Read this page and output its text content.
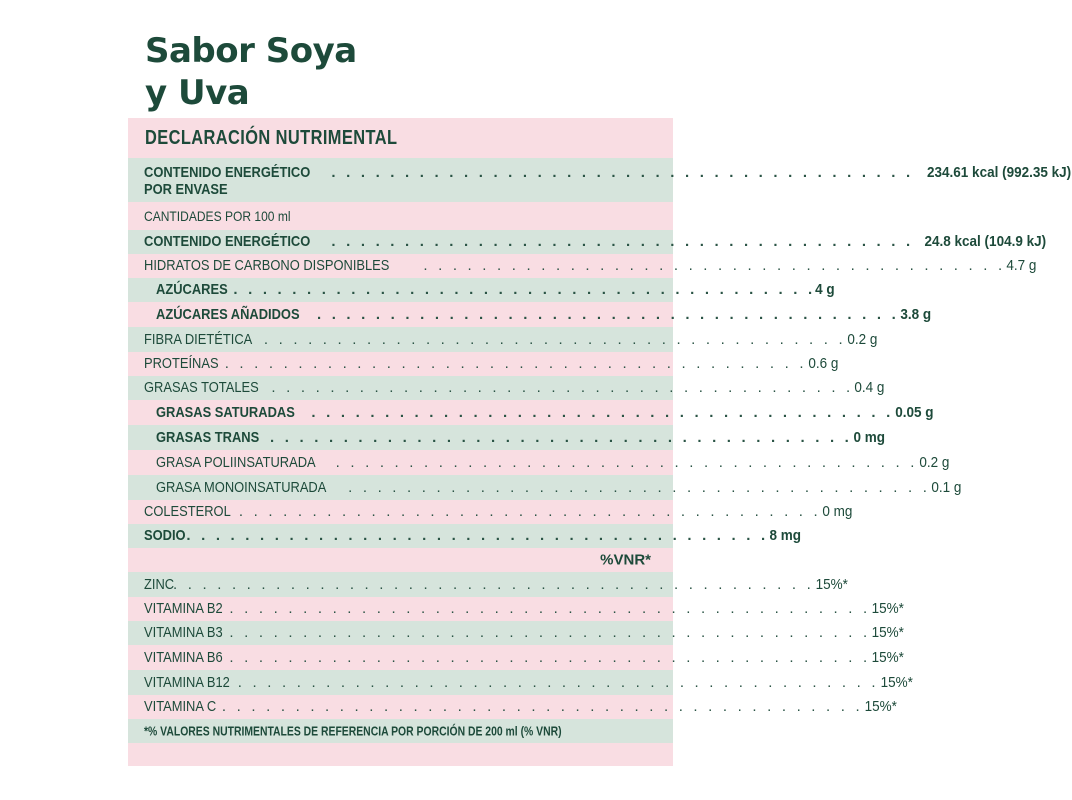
Sabor Soya
y Uva
DECLARACIÓN NUTRIMENTAL
CONTENIDO ENERGÉTICO . . . . . . . . . . . . . . . . . . . . . . . . . . . . . . . . . . . . . . . . 234.61 kcal (992.35 kJ)
POR ENVASE
CANTIDADES POR 100 ml
CONTENIDO ENERGÉTICO . . . . . . . . . . . . . . . . . . . . . . . . . . . . . . . . . . . . . . . . 24.8 kcal (104.9 kJ)
HIDRATOS DE CARBONO DISPONIBLES . . . . . . . . . . . . . . . . . . . . . . . . . . . . . . . . . . . . . . . . 4.7 g
AZÚCARES . . . . . . . . . . . . . . . . . . . . . . . . . . . . . . . . . . . . . . . . 4 g
AZÚCARES AÑADIDOS . . . . . . . . . . . . . . . . . . . . . . . . . . . . . . . . . . . . . . . . 3.8 g
FIBRA DIETÉTICA . . . . . . . . . . . . . . . . . . . . . . . . . . . . . . . . . . . . . . . . 0.2 g
PROTEÍNAS . . . . . . . . . . . . . . . . . . . . . . . . . . . . . . . . . . . . . . . . 0.6 g
GRASAS TOTALES . . . . . . . . . . . . . . . . . . . . . . . . . . . . . . . . . . . . . . . . 0.4 g
GRASAS SATURADAS . . . . . . . . . . . . . . . . . . . . . . . . . . . . . . . . . . . . . . . . 0.05 g
GRASAS TRANS . . . . . . . . . . . . . . . . . . . . . . . . . . . . . . . . . . . . . . . . 0 mg
GRASA POLIINSATURADA . . . . . . . . . . . . . . . . . . . . . . . . . . . . . . . . . . . . . . . . 0.2 g
GRASA MONOINSATURADA . . . . . . . . . . . . . . . . . . . . . . . . . . . . . . . . . . . . . . . . 0.1 g
COLESTEROL . . . . . . . . . . . . . . . . . . . . . . . . . . . . . . . . . . . . . . . . 0 mg
SODIO . . . . . . . . . . . . . . . . . . . . . . . . . . . . . . . . . . . . . . . . 8 mg
%VNR*
ZINC
. . . . . . . . . . . . . . . . . . . . . . . . . . . . . . . . . . . . . . . . . . . . 15%*
VITAMINA B2 . . . . . . . . . . . . . . . . . . . . . . . . . . . . . . . . . . . . . . . . . . . . 15%*
VITAMINA B3 . . . . . . . . . . . . . . . . . . . . . . . . . . . . . . . . . . . . . . . . . . . . 15%*
VITAMINA B6 . . . . . . . . . . . . . . . . . . . . . . . . . . . . . . . . . . . . . . . . . . . . 15%*
VITAMINA B12 . . . . . . . . . . . . . . . . . . . . . . . . . . . . . . . . . . . . . . . . . . . . 15%*
VITAMINA C . . . . . . . . . . . . . . . . . . . . . . . . . . . . . . . . . . . . . . . . . . . . 15%*
*% VALORES NUTRIMENTALES DE REFERENCIA POR PORCIÓN DE 200 ml (% VNR)
